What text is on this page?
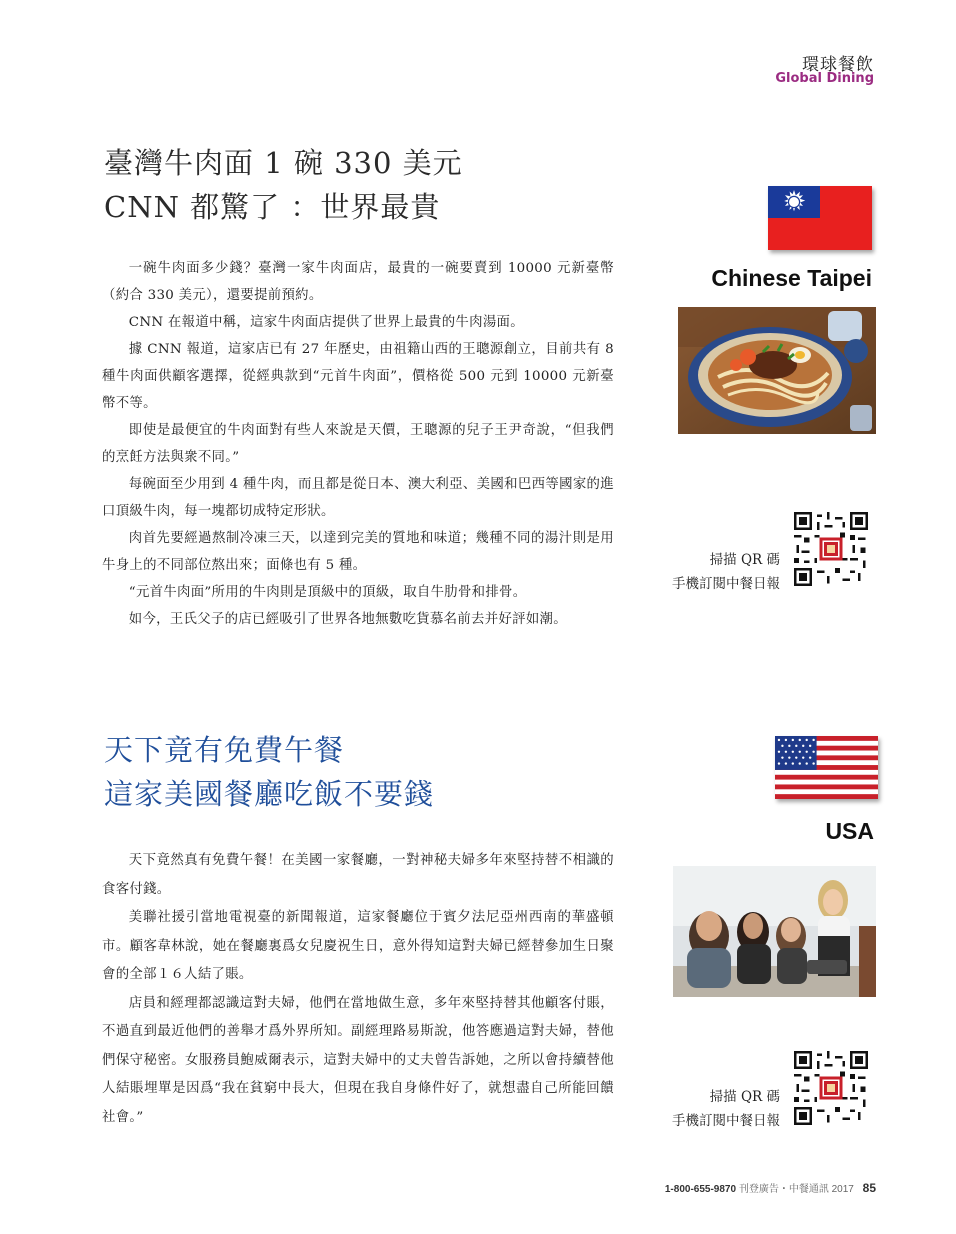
環球餐飲
Global Dining
臺灣牛肉面 1 碗 330 美元
CNN 都驚了 ：世界最貴

一碗牛肉面多少錢？臺灣一家牛肉面店，最貴的一碗要賣到 10000 元新臺幣（約合 330 美元），還要提前預約。

CNN 在報道中稱，這家牛肉面店提供了世界上最貴的牛肉湯面。

據 CNN 報道，這家店已有 27 年歷史，由祖籍山西的王聰源創立，目前共有 8 種牛肉面供顧客選擇，從經典款到“元首牛肉面”，價格從 500 元到 10000 元新臺幣不等。

即使是最便宜的牛肉面對有些人來說是天價，王聰源的兒子王尹奇說，“但我們的烹飪方法與衆不同。”

每碗面至少用到 4 種牛肉，而且都是從日本、澳大利亞、美國和巴西等國家的進口頂級牛肉，每一塊都切成特定形狀。

肉首先要經過熬制冷凍三天，以達到完美的質地和味道；幾種不同的湯汁則是用牛身上的不同部位熬出來；面條也有 5 種。

“元首牛肉面”所用的牛肉則是頂級中的頂級，取自牛肋骨和排骨。

如今，王氏父子的店已經吸引了世界各地無數吃貨慕名前去并好評如潮。

Chinese Taipei
掃描 QR 碼
手機訂閱中餐日報
天下竟有免費午餐
這家美國餐廳吃飯不要錢

天下竟然真有免費午餐！在美國一家餐廳，一對神秘夫婦多年來堅持替不相識的食客付錢。

美聯社援引當地電視臺的新聞報道，這家餐廳位于賓夕法尼亞州西南的華盛頓市。顧客韋林說，她在餐廳裏爲女兒慶祝生日，意外得知這對夫婦已經替參加生日聚會的全部１６人結了賬。

店員和經理都認識這對夫婦，他們在當地做生意，多年來堅持替其他顧客付賬，不過直到最近他們的善舉才爲外界所知。副經理路易斯說，他答應過這對夫婦，替他們保守秘密。女服務員鮑威爾表示，這對夫婦中的丈夫曾告訴她，之所以會持續替他人結賬埋單是因爲“我在貧窮中長大，但現在我自身條件好了，就想盡自己所能回饋社會。”

USA
掃描 QR 碼
手機訂閱中餐日報
1-800-655-9870 刊登廣告・中餐通訊 2017 85
